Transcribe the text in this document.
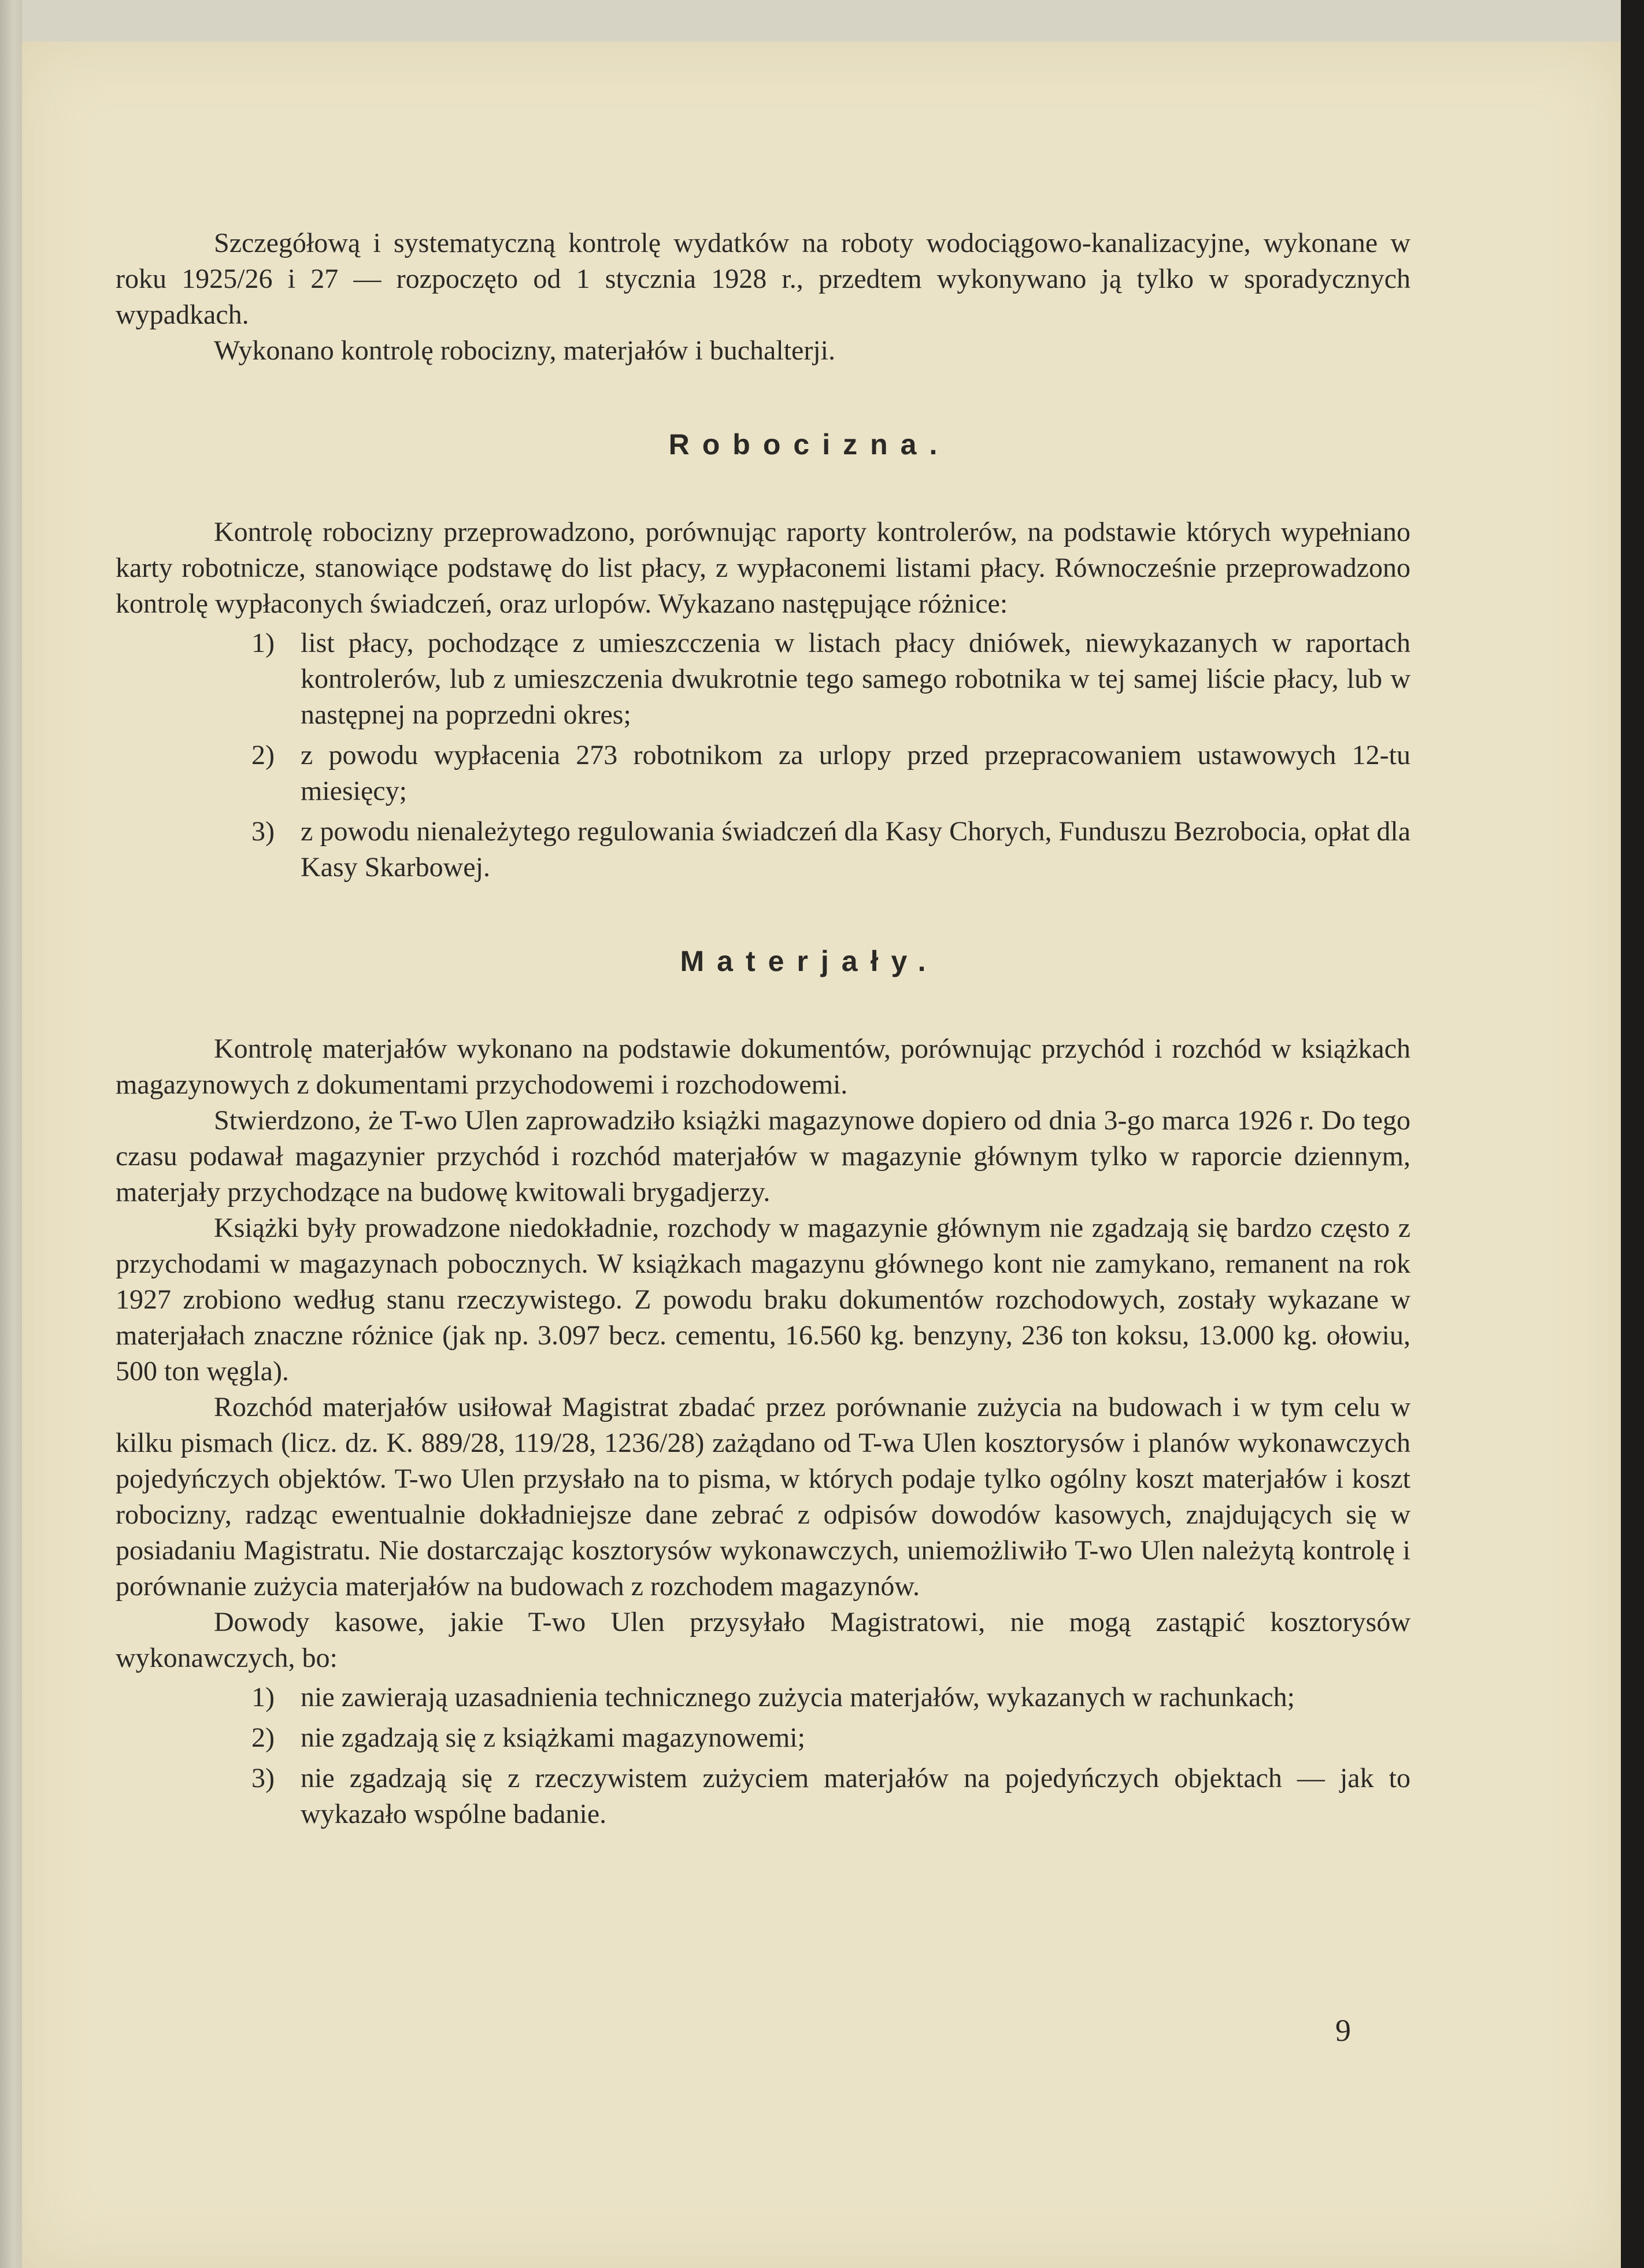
Szczegółową i systematyczną kontrolę wydatków na roboty wodociągowo-kanalizacyjne, wykonane w roku 1925/26 i 27 — rozpoczęto od 1 stycznia 1928 r., przedtem wykonywano ją tylko w sporadycznych wypadkach.

Wykonano kontrolę robocizny, materjałów i buchalterji.

Robocizna.

Kontrolę robocizny przeprowadzono, porównując raporty kontrolerów, na podstawie których wypełniano karty robotnicze, stanowiące podstawę do list płacy, z wypłaconemi listami płacy. Równocześnie przeprowadzono kontrolę wypłaconych świadczeń, oraz urlopów. Wykazano następujące różnice:

1) list płacy, pochodzące z umieszcczenia w listach płacy dniówek, niewykazanych w raportach kontrolerów, lub z umieszczenia dwukrotnie tego samego robotnika w tej samej liście płacy, lub w następnej na poprzedni okres;
2) z powodu wypłacenia 273 robotnikom za urlopy przed przepracowaniem ustawowych 12-tu miesięcy;
3) z powodu nienależytego regulowania świadczeń dla Kasy Chorych, Funduszu Bezrobocia, opłat dla Kasy Skarbowej.
Materjały.

Kontrolę materjałów wykonano na podstawie dokumentów, porównując przychód i rozchód w książkach magazynowych z dokumentami przychodowemi i rozchodowemi.

Stwierdzono, że T-wo Ulen zaprowadziło książki magazynowe dopiero od dnia 3-go marca 1926 r. Do tego czasu podawał magazynier przychód i rozchód materjałów w magazynie głównym tylko w raporcie dziennym, materjały przychodzące na budowę kwitowali brygadjerzy.

Książki były prowadzone niedokładnie, rozchody w magazynie głównym nie zgadzają się bardzo często z przychodami w magazynach pobocznych. W książkach magazynu głównego kont nie zamykano, remanent na rok 1927 zrobiono według stanu rzeczywistego. Z powodu braku dokumentów rozchodowych, zostały wykazane w materjałach znaczne różnice (jak np. 3.097 becz. cementu, 16.560 kg. benzyny, 236 ton koksu, 13.000 kg. ołowiu, 500 ton węgla).

Rozchód materjałów usiłował Magistrat zbadać przez porównanie zużycia na budowach i w tym celu w kilku pismach (licz. dz. K. 889/28, 119/28, 1236/28) zażądano od T-wa Ulen kosztorysów i planów wykonawczych pojedyńczych objektów. T-wo Ulen przysłało na to pisma, w których podaje tylko ogólny koszt materjałów i koszt robocizny, radząc ewentualnie dokładniejsze dane zebrać z odpisów dowodów kasowych, znajdujących się w posiadaniu Magistratu. Nie dostarczając kosztorysów wykonawczych, uniemożliwiło T-wo Ulen należytą kontrolę i porównanie zużycia materjałów na budowach z rozchodem magazynów.

Dowody kasowe, jakie T-wo Ulen przysyłało Magistratowi, nie mogą zastąpić kosztorysów wykonawczych, bo:

1) nie zawierają uzasadnienia technicznego zużycia materjałów, wykazanych w rachunkach;
2) nie zgadzają się z książkami magazynowemi;
3) nie zgadzają się z rzeczywistem zużyciem materjałów na pojedyńczych objektach — jak to wykazało wspólne badanie.
9
